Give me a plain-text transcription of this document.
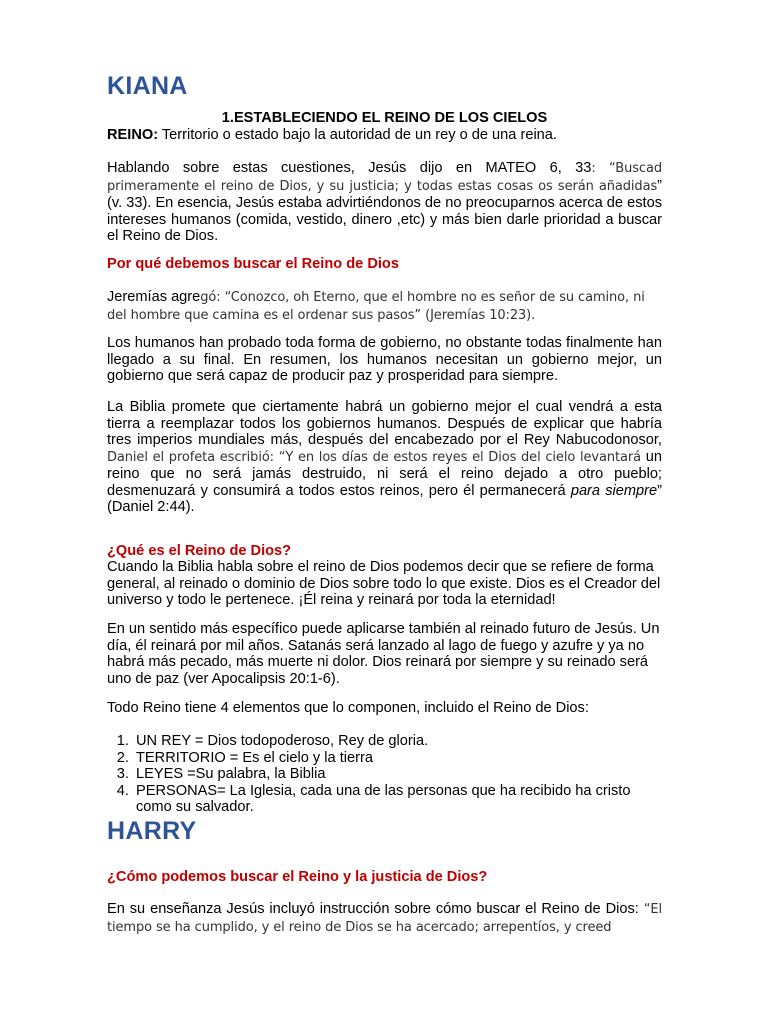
KIANA
1.ESTABLECIENDO EL REINO DE LOS CIELOS
REINO: Territorio o estado bajo la autoridad de un rey o de una reina.
Hablando sobre estas cuestiones, Jesús dijo en MATEO 6, 33: “Buscad primeramente el reino de Dios, y su justicia; y todas estas cosas os serán añadidas” (v. 33). En esencia, Jesús estaba advirtiéndonos de no preocuparnos acerca de estos intereses humanos (comida, vestido, dinero ,etc) y más bien darle prioridad a buscar el Reino de Dios.
Por qué debemos buscar el Reino de Dios
Jeremías agregó: “Conozco, oh Eterno, que el hombre no es señor de su camino, ni del hombre que camina es el ordenar sus pasos” (Jeremías 10:23).
Los humanos han probado toda forma de gobierno, no obstante todas finalmente han llegado a su final. En resumen, los humanos necesitan un gobierno mejor, un gobierno que será capaz de producir paz y prosperidad para siempre.
La Biblia promete que ciertamente habrá un gobierno mejor el cual vendrá a esta tierra a reemplazar todos los gobiernos humanos. Después de explicar que habría tres imperios mundiales más, después del encabezado por el Rey Nabucodonosor, Daniel el profeta escribió: “Y en los días de estos reyes el Dios del cielo levantará un reino que no será jamás destruido, ni será el reino dejado a otro pueblo; desmenuzará y consumirá a todos estos reinos, pero él permanecerá para siempre” (Daniel 2:44).
¿Qué es el Reino de Dios?
Cuando la Biblia habla sobre el reino de Dios podemos decir que se refiere de forma general, al reinado o dominio de Dios sobre todo lo que existe. Dios es el Creador del universo y todo le pertenece. ¡Él reina y reinará por toda la eternidad!
En un sentido más específico puede aplicarse también al reinado futuro de Jesús. Un día, él reinará por mil años. Satanás será lanzado al lago de fuego y azufre y ya no habrá más pecado, más muerte ni dolor. Dios reinará por siempre y su reinado será uno de paz (ver Apocalipsis 20:1-6).
Todo Reino tiene 4 elementos que lo componen, incluido el Reino de Dios:
1. UN REY = Dios todopoderoso, Rey de gloria.
2. TERRITORIO = Es el cielo y la tierra
3. LEYES =Su palabra, la Biblia
4. PERSONAS= La Iglesia, cada una de las personas que ha recibido ha cristo como su salvador.
HARRY
¿Cómo podemos buscar el Reino y la justicia de Dios?
En su enseñanza Jesús incluyó instrucción sobre cómo buscar el Reino de Dios: “El tiempo se ha cumplido, y el reino de Dios se ha acercado; arrepentíos, y creed
